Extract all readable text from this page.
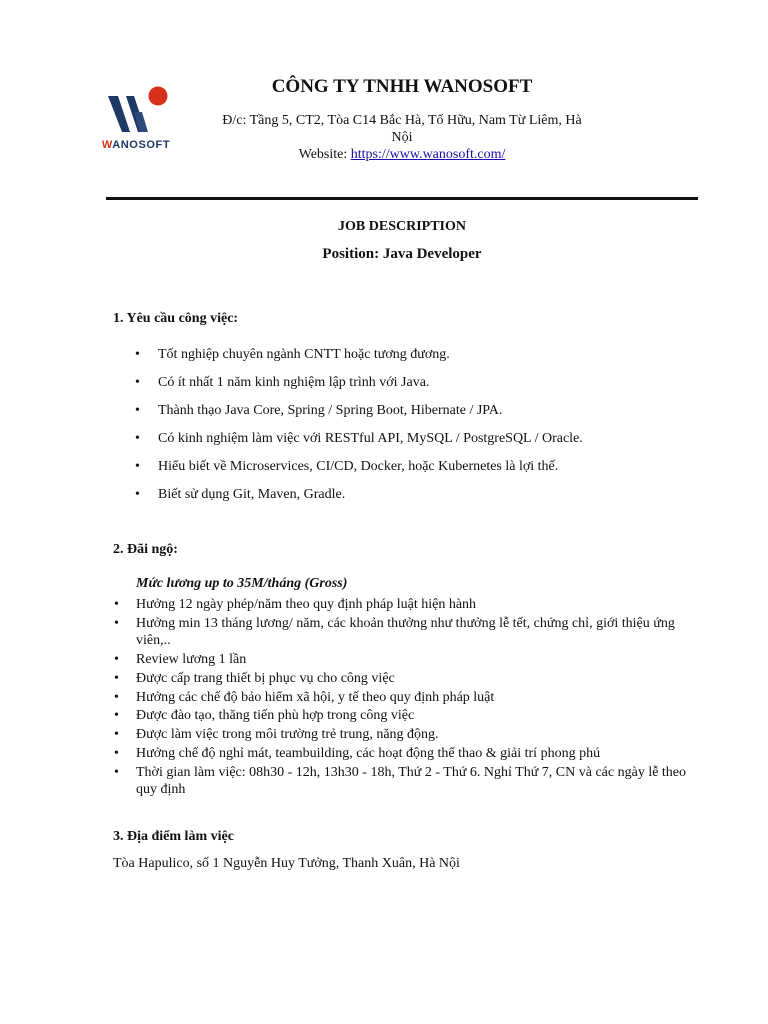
WANOSOFT
CÔNG TY TNHH WANOSOFT
Đ/c: Tầng 5, CT2, Tòa C14 Bắc Hà, Tố Hữu, Nam Từ Liêm, Hà
Nội
Website: https://www.wanosoft.com/
JOB DESCRIPTION
Position: Java Developer
1. Yêu cầu công việc:
• Tốt nghiệp chuyên ngành CNTT hoặc tương đương.
• Có ít nhất 1 năm kinh nghiệm lập trình với Java.
• Thành thạo Java Core, Spring / Spring Boot, Hibernate / JPA.
• Có kinh nghiệm làm việc với RESTful API, MySQL / PostgreSQL / Oracle.
• Hiểu biết về Microservices, CI/CD, Docker, hoặc Kubernetes là lợi thế.
• Biết sử dụng Git, Maven, Gradle.
2. Đãi ngộ:
Mức lương up to 35M/tháng (Gross)
• Hưởng 12 ngày phép/năm theo quy định pháp luật hiện hành
• Hưởng min 13 tháng lương/ năm, các khoản thưởng như thưởng lễ tết, chứng chỉ, giới thiệu ứng viên,..
• Review lương 1 lần
• Được cấp trang thiết bị phục vụ cho công việc
• Hưởng các chế độ bảo hiểm xã hội, y tế theo quy định pháp luật
• Được đào tạo, thăng tiến phù hợp trong công việc
• Được làm việc trong môi trường trẻ trung, năng động.
• Hưởng chế độ nghỉ mát, teambuilding, các hoạt động thể thao & giải trí phong phú
• Thời gian làm việc: 08h30 - 12h, 13h30 - 18h, Thứ 2 - Thứ 6. Nghỉ Thứ 7, CN và các ngày lễ theo quy định
3. Địa điểm làm việc
Tòa Hapulico, số 1 Nguyễn Huy Tưởng, Thanh Xuân, Hà Nội
